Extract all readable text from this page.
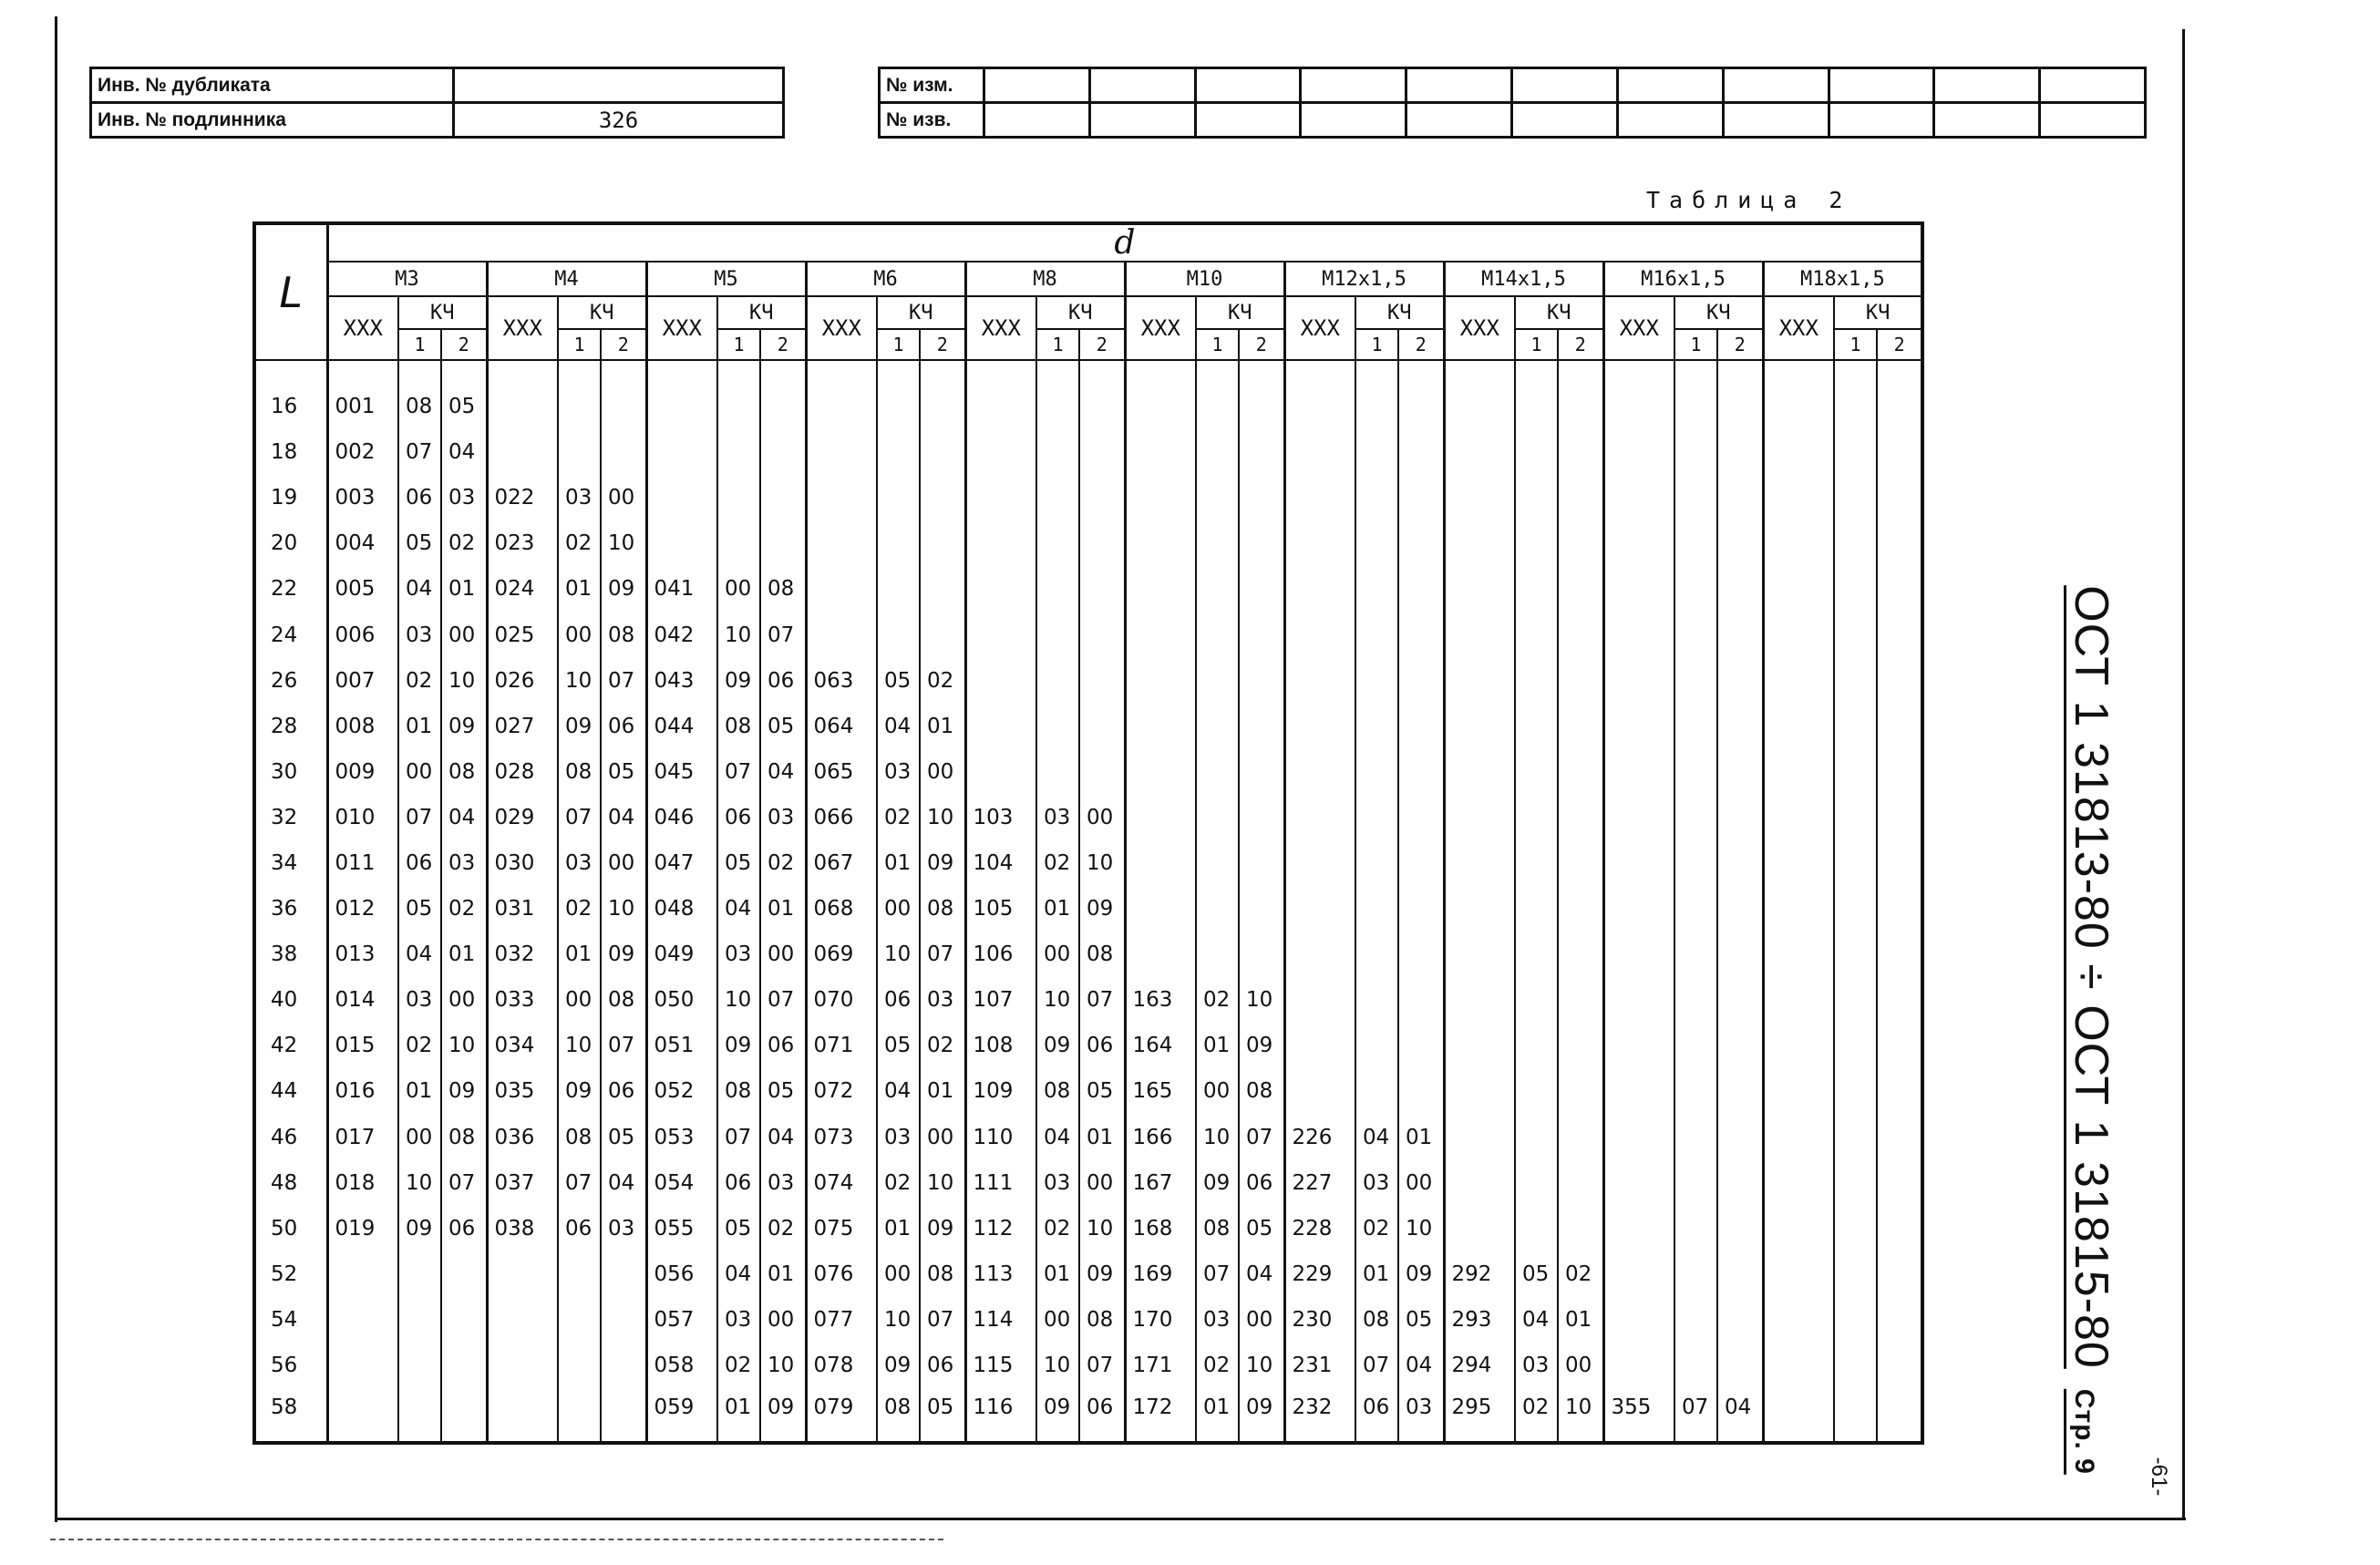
Инв. № дубликата	
Инв. № подлинника	326
№ изм.											
№ изв.											
Таблица 2
L	d																													
	M3			M4			M5			M6			M8			M10			M12x1,5			M14x1,5			M16x1,5			M18x1,5		
	XXX	КЧ		XXX	КЧ		XXX	КЧ		XXX	КЧ		XXX	КЧ		XXX	КЧ		XXX	КЧ		XXX	КЧ		XXX	КЧ		XXX	КЧ	
		1	2		1	2		1	2		1	2		1	2		1	2		1	2		1	2		1	2		1	2

16	001	08	05																											
18	002	07	04																											
19	003	06	03	022	03	00																								
20	004	05	02	023	02	10																								
22	005	04	01	024	01	09	041	00	08																					
24	006	03	00	025	00	08	042	10	07																					
26	007	02	10	026	10	07	043	09	06	063	05	02																		
28	008	01	09	027	09	06	044	08	05	064	04	01																		
30	009	00	08	028	08	05	045	07	04	065	03	00																		
32	010	07	04	029	07	04	046	06	03	066	02	10	103	03	00															
34	011	06	03	030	03	00	047	05	02	067	01	09	104	02	10															
36	012	05	02	031	02	10	048	04	01	068	00	08	105	01	09															
38	013	04	01	032	01	09	049	03	00	069	10	07	106	00	08															
40	014	03	00	033	00	08	050	10	07	070	06	03	107	10	07	163	02	10												
42	015	02	10	034	10	07	051	09	06	071	05	02	108	09	06	164	01	09												
44	016	01	09	035	09	06	052	08	05	072	04	01	109	08	05	165	00	08												
46	017	00	08	036	08	05	053	07	04	073	03	00	110	04	01	166	10	07	226	04	01									
48	018	10	07	037	07	04	054	06	03	074	02	10	111	03	00	167	09	06	227	03	00									
50	019	09	06	038	06	03	055	05	02	075	01	09	112	02	10	168	08	05	228	02	10									
52							056	04	01	076	00	08	113	01	09	169	07	04	229	01	09	292	05	02						
54							057	03	00	077	10	07	114	00	08	170	03	00	230	08	05	293	04	01						
56							058	02	10	078	09	06	115	10	07	171	02	10	231	07	04	294	03	00						
58							059	01	09	079	08	05	116	09	06	172	01	09	232	06	03	295	02	10	355	07	04			
ОСТ 1 31813-80 ÷ ОСТ 1 31815-80Стр. 9
-61-
